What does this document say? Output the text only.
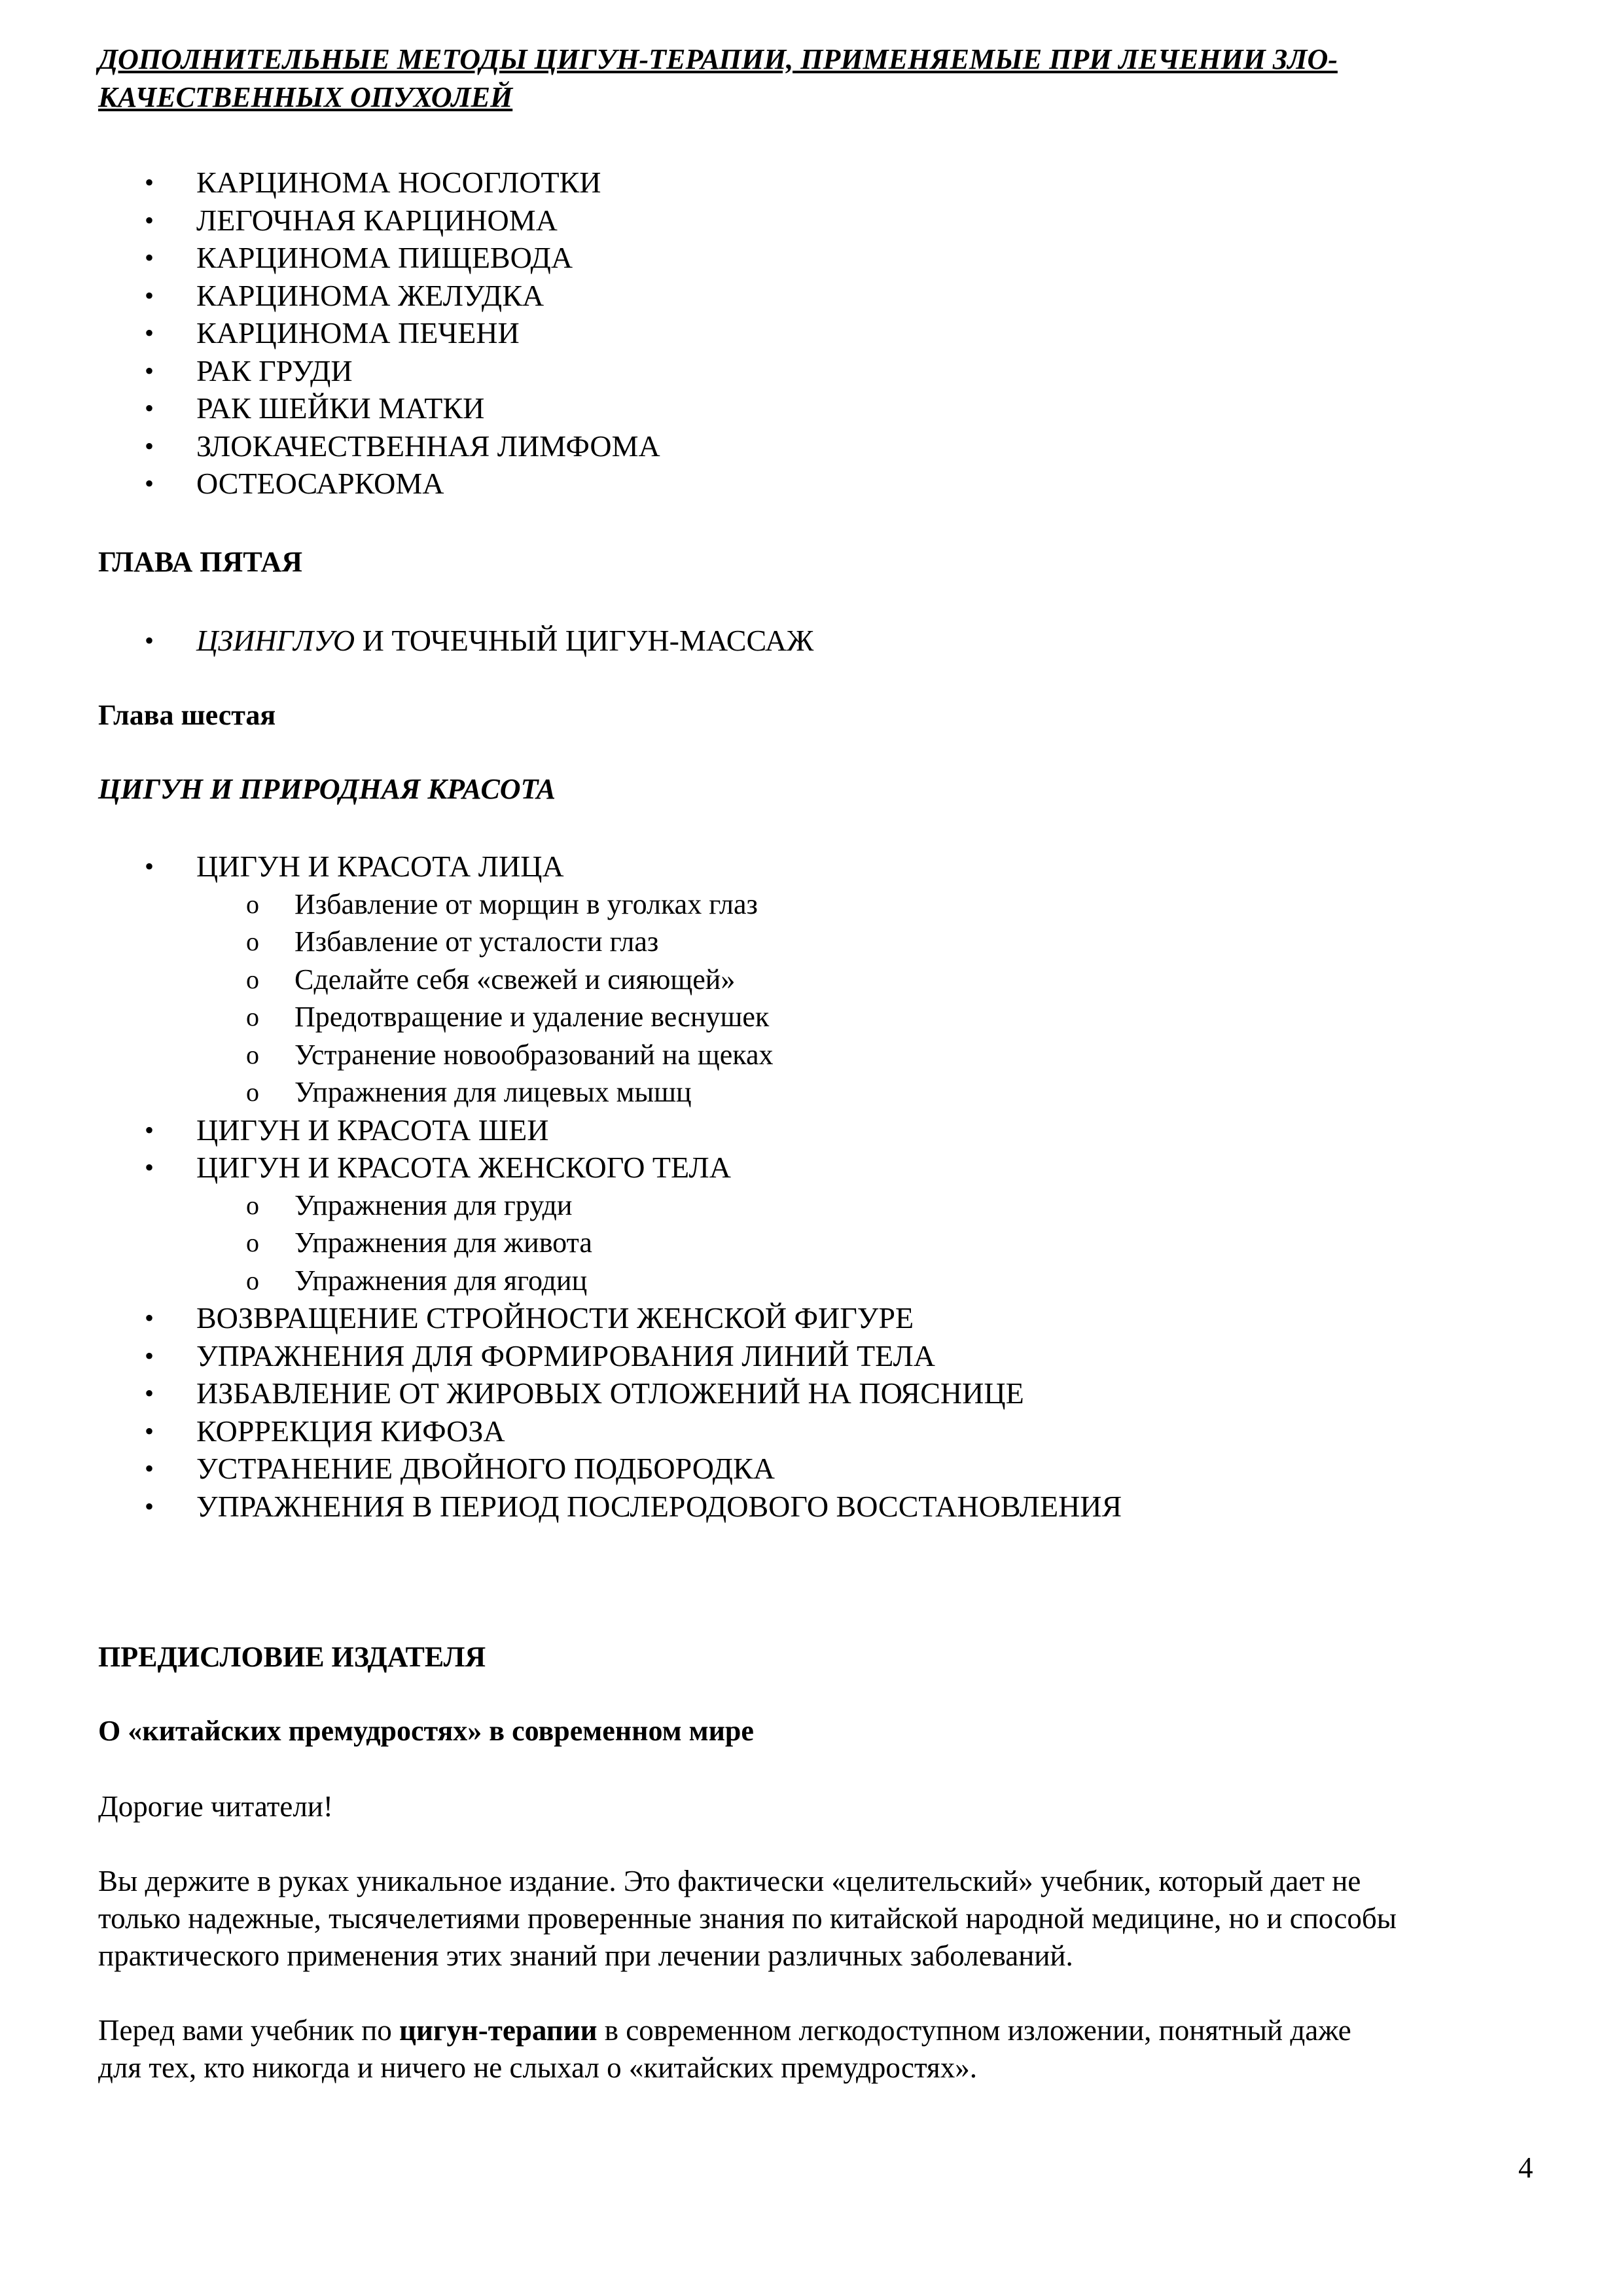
ДОПОЛНИТЕЛЬНЫЕ МЕТОДЫ ЦИГУН-ТЕРАПИИ, ПРИМЕНЯЕМЫЕ ПРИ ЛЕЧЕНИИ ЗЛО-
КАЧЕСТВЕННЫХ ОПУХОЛЕЙ

• КАРЦИНОМА НОСОГЛОТКИ
• ЛЕГОЧНАЯ КАРЦИНОМА
• КАРЦИНОМА ПИЩЕВОДА
• КАРЦИНОМА ЖЕЛУДКА
• КАРЦИНОМА ПЕЧЕНИ
• РАК ГРУДИ
• РАК ШЕЙКИ МАТКИ
• ЗЛОКАЧЕСТВЕННАЯ ЛИМФОМА
• ОСТЕОСАРКОМА

ГЛАВА ПЯТАЯ

• ЦЗИНГЛУО И ТОЧЕЧНЫЙ ЦИГУН-МАССАЖ

Глава шестая

ЦИГУН И ПРИРОДНАЯ КРАСОТА

• ЦИГУН И КРАСОТА ЛИЦА
o Избавление от морщин в уголках глаз
o Избавление от усталости глаз
o Сделайте себя «свежей и сияющей»
o Предотвращение и удаление веснушек
o Устранение новообразований на щеках
o Упражнения для лицевых мышц
• ЦИГУН И КРАСОТА ШЕИ
• ЦИГУН И КРАСОТА ЖЕНСКОГО ТЕЛА
o Упражнения для груди
o Упражнения для живота
o Упражнения для ягодиц
• ВОЗВРАЩЕНИЕ СТРОЙНОСТИ ЖЕНСКОЙ ФИГУРЕ
• УПРАЖНЕНИЯ ДЛЯ ФОРМИРОВАНИЯ ЛИНИЙ ТЕЛА
• ИЗБАВЛЕНИЕ ОТ ЖИРОВЫХ ОТЛОЖЕНИЙ НА ПОЯСНИЦЕ
• КОРРЕКЦИЯ КИФОЗА
• УСТРАНЕНИЕ ДВОЙНОГО ПОДБОРОДКА
• УПРАЖНЕНИЯ В ПЕРИОД ПОСЛЕРОДОВОГО ВОССТАНОВЛЕНИЯ

ПРЕДИСЛОВИЕ ИЗДАТЕЛЯ

О «китайских премудростях» в современном мире

Дорогие читатели!

Вы держите в руках уникальное издание. Это фактически «целительский» учебник, который дает не
только надежные, тысячелетиями проверенные знания по китайской народной медицине, но и способы
практического применения этих знаний при лечении различных заболеваний.

Перед вами учебник по цигун-терапии в современном легкодоступном изложении, понятный даже
для тех, кто никогда и ничего не слыхал о «китайских премудростях».

4
